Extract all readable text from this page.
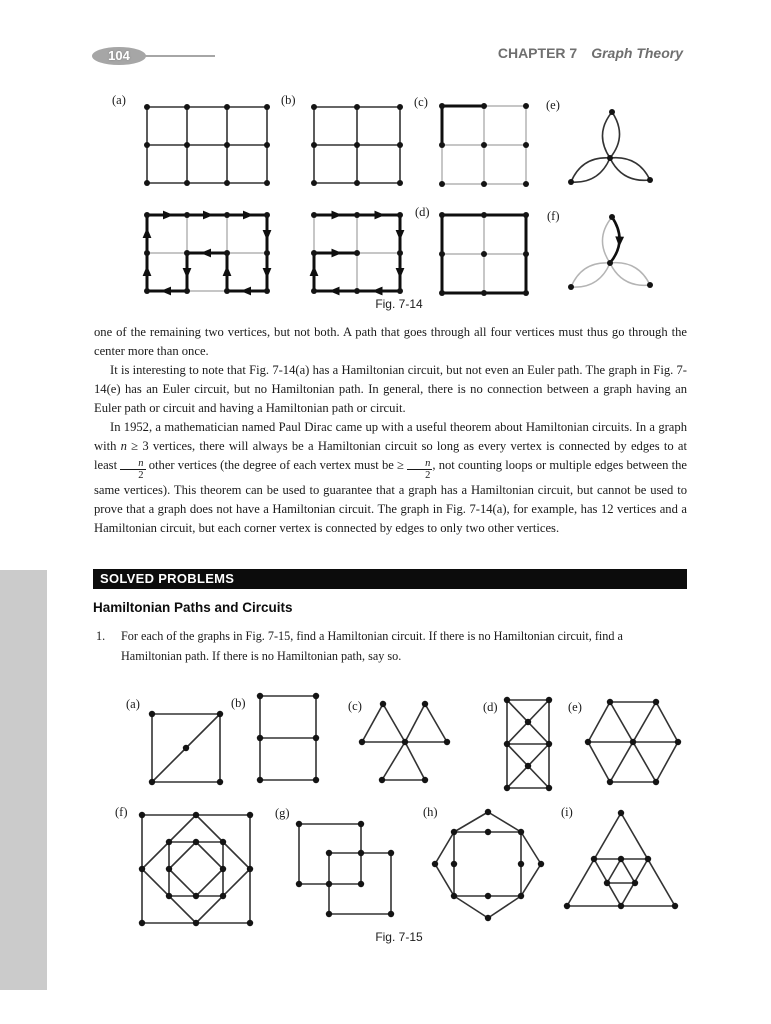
104	CHAPTER 7 Graph Theory
(a)	(b)	(c)	(e)
(d)	(f)
Fig. 7-14

one of the remaining two vertices, but not both. A path that goes through all four vertices must thus go through the center more than once.

It is interesting to note that Fig. 7-14(a) has a Hamiltonian circuit, but not even an Euler path. The graph in Fig. 7-14(e) has an Euler circuit, but no Hamiltonian path. In general, there is no connection between a graph having an Euler path or circuit and having a Hamiltonian path or circuit.

In 1952, a mathematician named Paul Dirac came up with a useful theorem about Hamiltonian circuits. In a graph with n ≥ 3 vertices, there will always be a Hamiltonian circuit so long as every vertex is connected by edges to at least $\frac{n}{2}$ other vertices (the degree of each vertex must be ≥ $\frac{n}{2}$ , not counting loops or multiple edges between the same vertices). This theorem can be used to guarantee that a graph has a Hamiltonian circuit, but cannot be used to prove that a graph does not have a Hamiltonian circuit. The graph in Fig. 7-14(a), for example, has 12 vertices and a Hamiltonian circuit, but each corner vertex is connected by edges to only two other vertices.

SOLVED PROBLEMS
Hamiltonian Paths and Circuits
1. For each of the graphs in Fig. 7-15, find a Hamiltonian circuit. If there is no Hamiltonian circuit, find a Hamiltonian path. If there is no Hamiltonian path, say so.
(a)	(b)	(c)	(d)	(e)
(f)	(g)	(h)	(i)
Fig. 7-15
